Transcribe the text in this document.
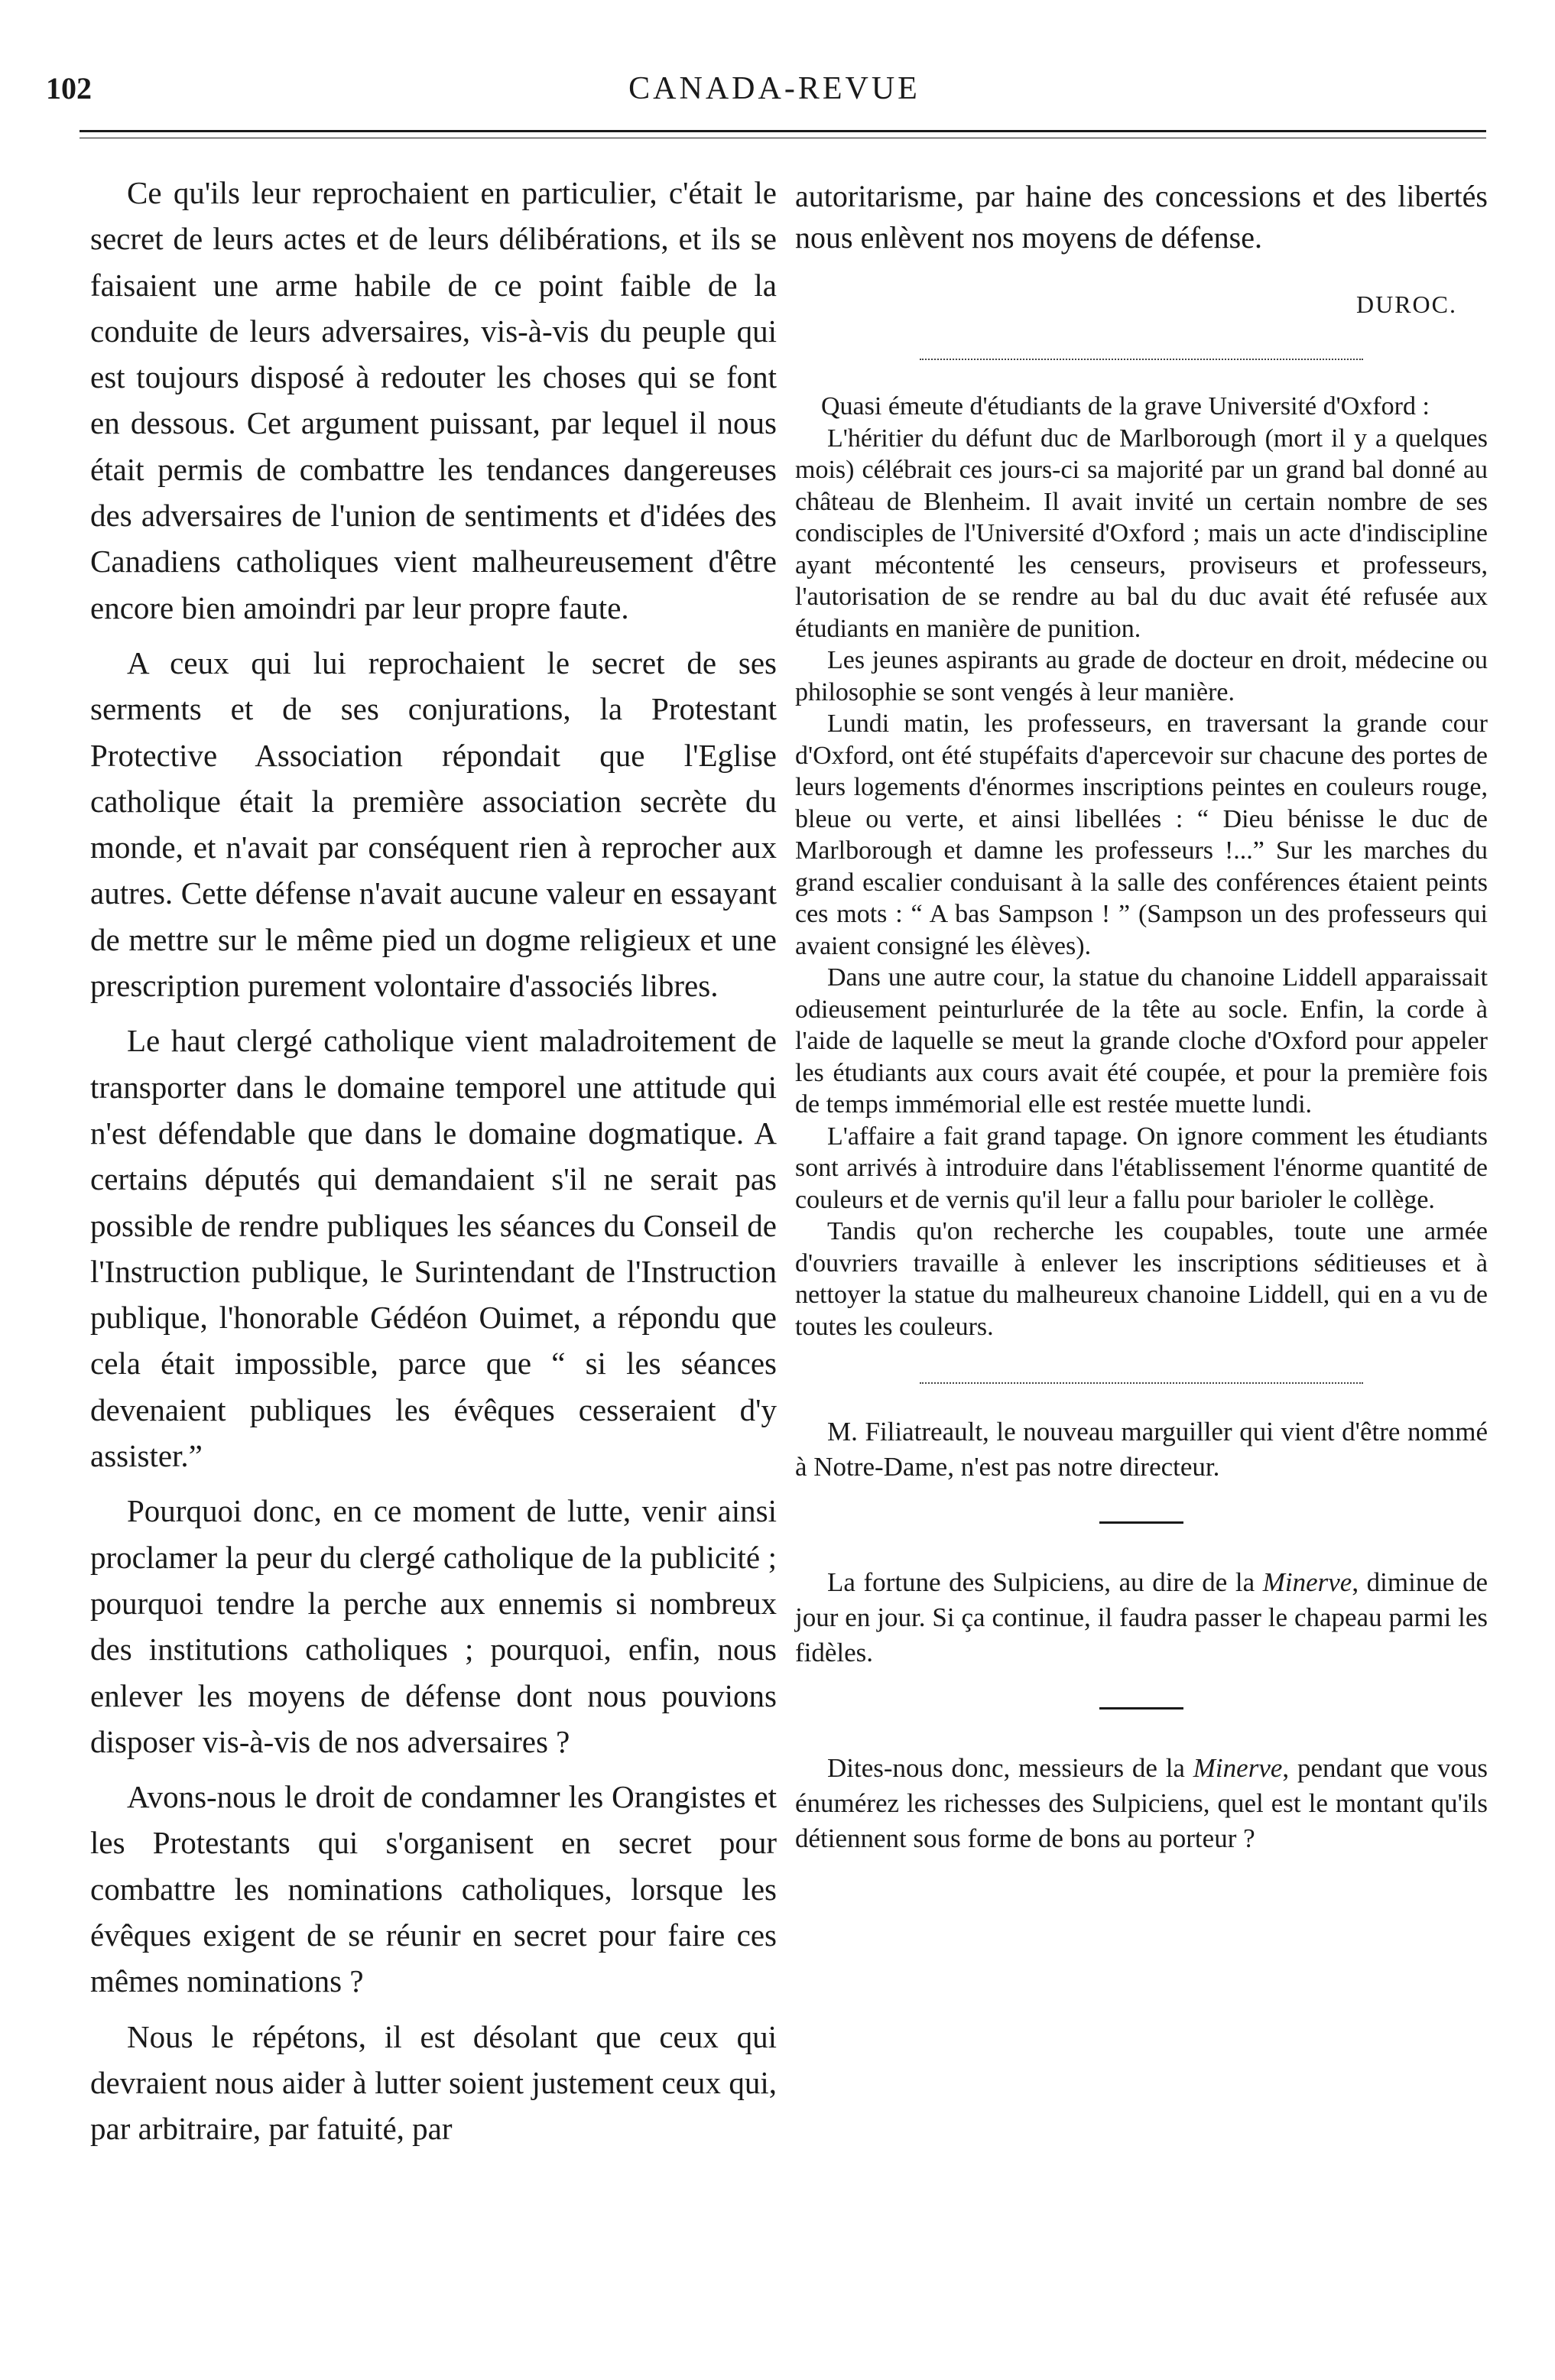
102	CANADA-REVUE

Ce qu'ils leur reprochaient en particulier, c'était le secret de leurs actes et de leurs délibérations, et ils se faisaient une arme habile de ce point faible de la conduite de leurs adversaires, vis-à-vis du peuple qui est toujours disposé à redouter les choses qui se font en dessous. Cet argument puissant, par lequel il nous était permis de combattre les tendances dangereuses des adversaires de l'union de sentiments et d'idées des Canadiens catholiques vient malheureusement d'être encore bien amoindri par leur propre faute.

A ceux qui lui reprochaient le secret de ses serments et de ses conjurations, la Protestant Protective Association répondait que l'Eglise catholique était la première association secrète du monde, et n'avait par conséquent rien à reprocher aux autres. Cette défense n'avait aucune valeur en essayant de mettre sur le même pied un dogme religieux et une prescription purement volontaire d'associés libres.

Le haut clergé catholique vient maladroitement de transporter dans le domaine temporel une attitude qui n'est défendable que dans le domaine dogmatique. A certains députés qui demandaient s'il ne serait pas possible de rendre publiques les séances du Conseil de l'Instruction publique, le Surintendant de l'Instruction publique, l'honorable Gédéon Ouimet, a répondu que cela était impossible, parce que “ si les séances devenaient publiques les évêques cesseraient d'y assister.”

Pourquoi donc, en ce moment de lutte, venir ainsi proclamer la peur du clergé catholique de la publicité ; pourquoi tendre la perche aux ennemis si nombreux des institutions catholiques ; pourquoi, enfin, nous enlever les moyens de défense dont nous pouvions disposer vis-à-vis de nos adversaires ?

Avons-nous le droit de condamner les Orangistes et les Protestants qui s'organisent en secret pour combattre les nominations catholiques, lorsque les évêques exigent de se réunir en secret pour faire ces mêmes nominations ?

Nous le répétons, il est désolant que ceux qui devraient nous aider à lutter soient justement ceux qui, par arbitraire, par fatuité, par

autoritarisme, par haine des concessions et des libertés nous enlèvent nos moyens de défense.

DUROC.

Quasi émeute d'étudiants de la grave Université d'Oxford :

L'héritier du défunt duc de Marlborough (mort il y a quelques mois) célébrait ces jours-ci sa majorité par un grand bal donné au château de Blenheim. Il avait invité un certain nombre de ses condisciples de l'Université d'Oxford ; mais un acte d'indiscipline ayant mécontenté les censeurs, proviseurs et professeurs, l'autorisation de se rendre au bal du duc avait été refusée aux étudiants en manière de punition.

Les jeunes aspirants au grade de docteur en droit, médecine ou philosophie se sont vengés à leur manière.

Lundi matin, les professeurs, en traversant la grande cour d'Oxford, ont été stupéfaits d'apercevoir sur chacune des portes de leurs logements d'énormes inscriptions peintes en couleurs rouge, bleue ou verte, et ainsi libellées : “ Dieu bénisse le duc de Marlborough et damne les professeurs !...” Sur les marches du grand escalier conduisant à la salle des conférences étaient peints ces mots : “ A bas Sampson ! ” (Sampson un des professeurs qui avaient consigné les élèves).

Dans une autre cour, la statue du chanoine Liddell apparaissait odieusement peinturlurée de la tête au socle. Enfin, la corde à l'aide de laquelle se meut la grande cloche d'Oxford pour appeler les étudiants aux cours avait été coupée, et pour la première fois de temps immémorial elle est restée muette lundi.

L'affaire a fait grand tapage. On ignore comment les étudiants sont arrivés à introduire dans l'établissement l'énorme quantité de couleurs et de vernis qu'il leur a fallu pour barioler le collège.

Tandis qu'on recherche les coupables, toute une armée d'ouvriers travaille à enlever les inscriptions séditieuses et à nettoyer la statue du malheureux chanoine Liddell, qui en a vu de toutes les couleurs.

M. Filiatreault, le nouveau marguiller qui vient d'être nommé à Notre-Dame, n'est pas notre directeur.

La fortune des Sulpiciens, au dire de la Minerve, diminue de jour en jour. Si ça continue, il faudra passer le chapeau parmi les fidèles.

Dites-nous donc, messieurs de la Minerve, pendant que vous énumérez les richesses des Sulpiciens, quel est le montant qu'ils détiennent sous forme de bons au porteur ?
